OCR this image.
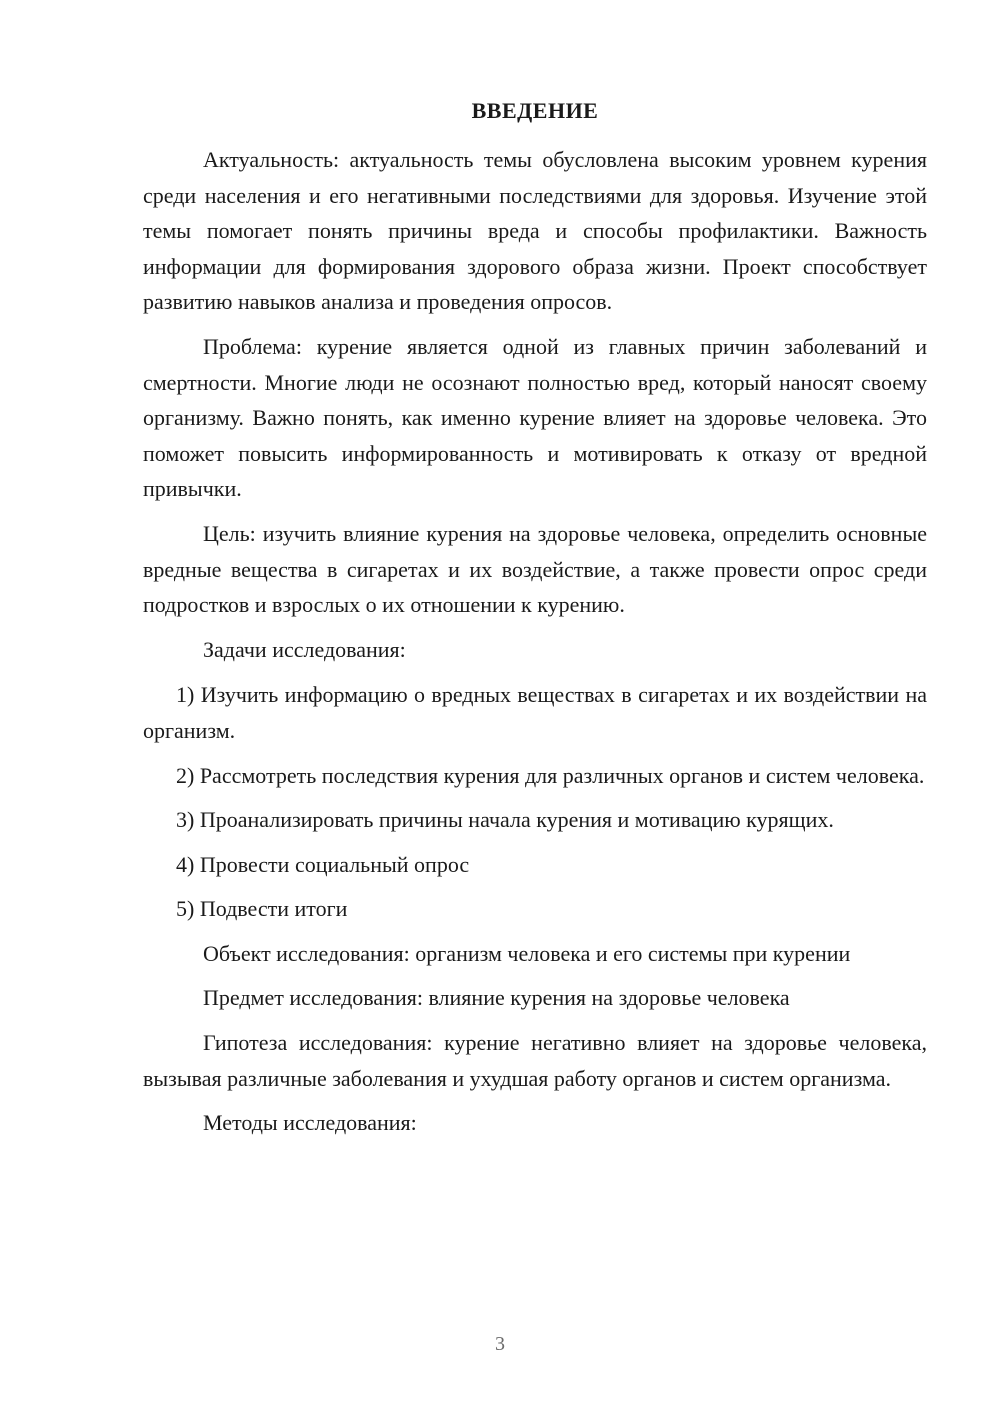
ВВЕДЕНИЕ

Актуальность: актуальность темы обусловлена высоким уровнем курения среди населения и его негативными последствиями для здоровья. Изучение этой темы помогает понять причины вреда и способы профилактики. Важность информации для формирования здорового образа жизни. Проект способствует развитию навыков анализа и проведения опросов.

Проблема: курение является одной из главных причин заболеваний и смертности. Многие люди не осознают полностью вред, который наносят своему организму. Важно понять, как именно курение влияет на здоровье человека. Это поможет повысить информированность и мотивировать к отказу от вредной привычки.

Цель: изучить влияние курения на здоровье человека, определить основные вредные вещества в сигаретах и их воздействие, а также провести опрос среди подростков и взрослых о их отношении к курению.

Задачи исследования:

1) Изучить информацию о вредных веществах в сигаретах и их воздействии на организм.

2) Рассмотреть последствия курения для различных органов и систем человека.

3) Проанализировать причины начала курения и мотивацию курящих.

4) Провести социальный опрос

5) Подвести итоги

Объект исследования: организм человека и его системы при курении

Предмет исследования: влияние курения на здоровье человека

Гипотеза исследования: курение негативно влияет на здоровье человека, вызывая различные заболевания и ухудшая работу органов и систем организма.

Методы исследования:

3
